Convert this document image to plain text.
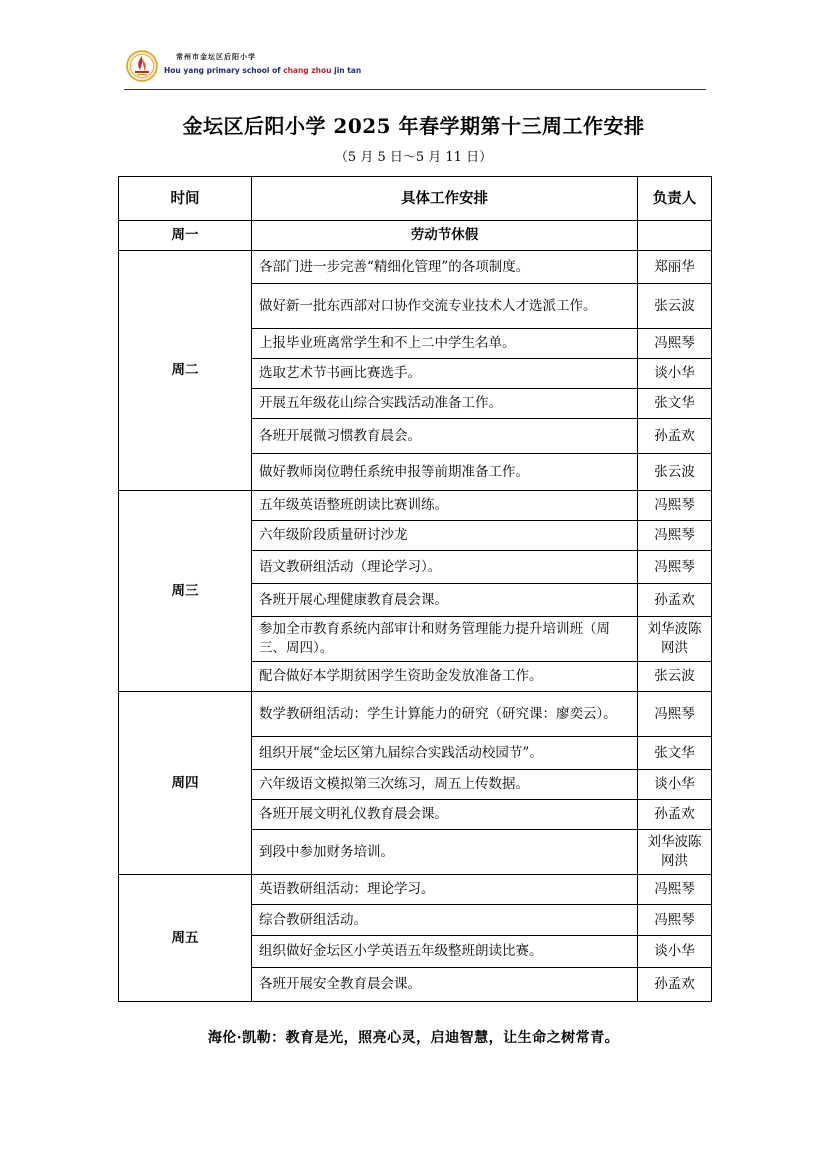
常州市金坛区后阳小学
Hou yang primary school of chang zhou jin tan
金坛区后阳小学 2025 年春学期第十三周工作安排
（5 月 5 日～5 月 11 日）
时间	具体工作安排	负责人
周一	劳动节休假	
周二	各部门进一步完善“精细化管理”的各项制度。	郑丽华
	做好新一批东西部对口协作交流专业技术人才选派工作。	张云波
	上报毕业班离常学生和不上二中学生名单。	冯熙琴
	选取艺术节书画比赛选手。	谈小华
	开展五年级花山综合实践活动准备工作。	张文华
	各班开展微习惯教育晨会。	孙孟欢
	做好教师岗位聘任系统申报等前期准备工作。	张云波
周三	五年级英语整班朗读比赛训练。	冯熙琴
	六年级阶段质量研讨沙龙	冯熙琴
	语文教研组活动（理论学习）。	冯熙琴
	各班开展心理健康教育晨会课。	孙孟欢
	参加全市教育系统内部审计和财务管理能力提升培训班（周三、周四）。	刘华波陈网洪
	配合做好本学期贫困学生资助金发放准备工作。	张云波
周四	数学教研组活动：学生计算能力的研究（研究课：廖奕云）。	冯熙琴
	组织开展“金坛区第九届综合实践活动校园节”。	张文华
	六年级语文模拟第三次练习，周五上传数据。	谈小华
	各班开展文明礼仪教育晨会课。	孙孟欢
	到段中参加财务培训。	刘华波陈网洪
周五	英语教研组活动：理论学习。	冯熙琴
	综合教研组活动。	冯熙琴
	组织做好金坛区小学英语五年级整班朗读比赛。	谈小华
	各班开展安全教育晨会课。	孙孟欢
海伦·凯勒：教育是光，照亮心灵，启迪智慧，让生命之树常青。
